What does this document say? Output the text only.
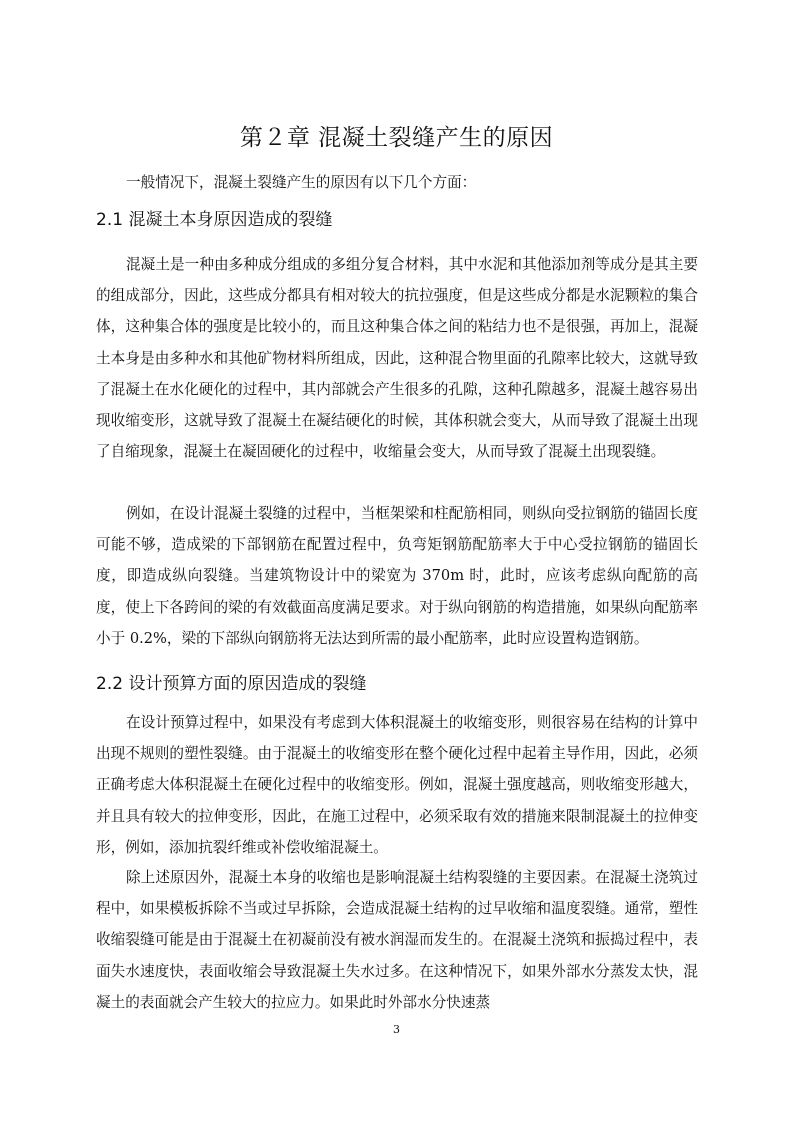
第２章 混凝土裂缝产生的原因

一般情况下，混凝土裂缝产生的原因有以下几个方面：

2.1 混凝土本身原因造成的裂缝

混凝土是一种由多种成分组成的多组分复合材料，其中水泥和其他添加剂等成分是其主要的组成部分，因此，这些成分都具有相对较大的抗拉强度，但是这些成分都是水泥颗粒的集合体，这种集合体的强度是比较小的，而且这种集合体之间的粘结力也不是很强，再加上，混凝土本身是由多种水和其他矿物材料所组成，因此，这种混合物里面的孔隙率比较大，这就导致了混凝土在水化硬化的过程中，其内部就会产生很多的孔隙，这种孔隙越多，混凝土越容易出现收缩变形，这就导致了混凝土在凝结硬化的时候，其体积就会变大，从而导致了混凝土出现了自缩现象，混凝土在凝固硬化的过程中，收缩量会变大，从而导致了混凝土出现裂缝。

例如，在设计混凝土裂缝的过程中，当框架梁和柱配筋相同，则纵向受拉钢筋的锚固长度可能不够，造成梁的下部钢筋在配置过程中，负弯矩钢筋配筋率大于中心受拉钢筋的锚固长度，即造成纵向裂缝。当建筑物设计中的梁宽为 370m 时，此时，应该考虑纵向配筋的高度，使上下各跨间的梁的有效截面高度满足要求。对于纵向钢筋的构造措施，如果纵向配筋率小于 0.2%，梁的下部纵向钢筋将无法达到所需的最小配筋率，此时应设置构造钢筋。

2.2 设计预算方面的原因造成的裂缝

在设计预算过程中，如果没有考虑到大体积混凝土的收缩变形，则很容易在结构的计算中出现不规则的塑性裂缝。由于混凝土的收缩变形在整个硬化过程中起着主导作用，因此，必须正确考虑大体积混凝土在硬化过程中的收缩变形。例如，混凝土强度越高，则收缩变形越大，并且具有较大的拉伸变形，因此，在施工过程中，必须采取有效的措施来限制混凝土的拉伸变形，例如，添加抗裂纤维或补偿收缩混凝土。

除上述原因外，混凝土本身的收缩也是影响混凝土结构裂缝的主要因素。在混凝土浇筑过程中，如果模板拆除不当或过早拆除，会造成混凝土结构的过早收缩和温度裂缝。通常，塑性收缩裂缝可能是由于混凝土在初凝前没有被水润湿而发生的。在混凝土浇筑和振捣过程中，表面失水速度快，表面收缩会导致混凝土失水过多。在这种情况下，如果外部水分蒸发太快，混凝土的表面就会产生较大的拉应力。如果此时外部水分快速蒸

3
